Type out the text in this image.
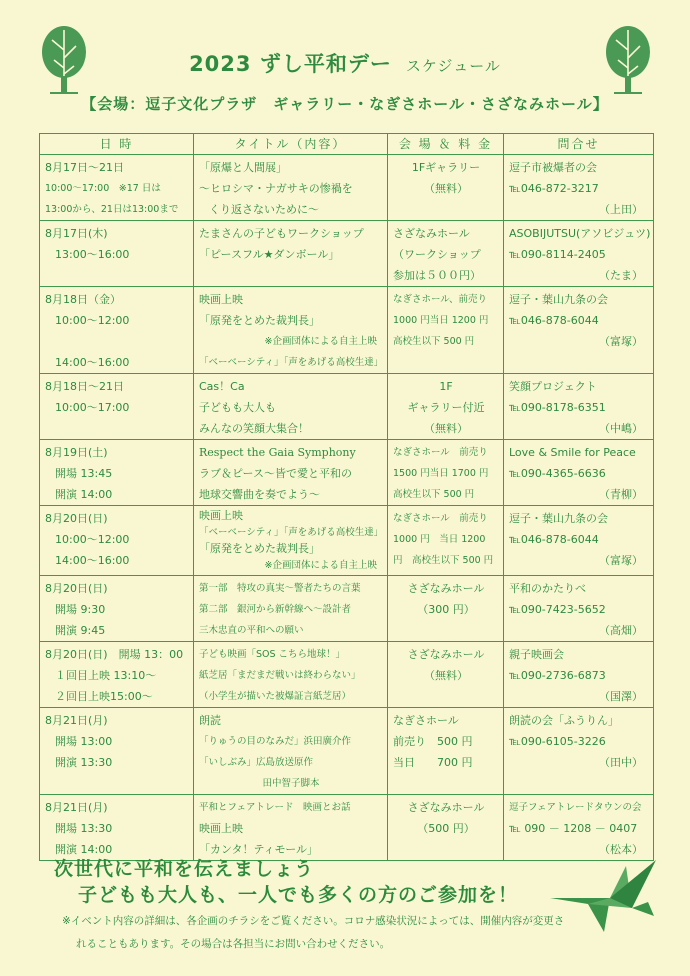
2023 ずし平和デー スケジュール
【会場：逗子文化プラザ　ギャラリー・なぎさホール・さざなみホール】
日 時	タイトル（内容）	会 場 ＆ 料 金	問合せ

8月17日～21日
10:00～17:00　※17 日は
13:00から、21日は13:00まで	「原爆と人間展」
～ヒロシマ・ナガサキの惨禍を
くり返さないために～	1Fギャラリー
（無料）	逗子市被爆者の会
℡046-872-3217
（上田）

8月17日(木)
13:00～16:00	たまさんの子どもワークショップ
「ピースフル★ダンボール」	さざなみホール
（ワークショップ
参加は５００円）	ASOBIJUTSU(アソビジュツ)
℡090-8114-2405
（たま）

8月18日（金）
10:00～12:00

14:00～16:00	映画上映
「原発をとめた裁判長」
※企画団体による自主上映
「ベーベーシティ」「声をあげる高校生達」	なぎさホール、前売り
1000 円当日 1200 円
高校生以下 500 円	逗子・葉山九条の会
℡046-878-6044
（富塚）

8月18日～21日
10:00～17:00	Cas！Ca
子どもも大人も
みんなの笑顔大集合！	1F
ギャラリー付近
（無料）	笑顔プロジェクト
℡090-8178-6351
（中嶋）

8月19日(土)
開場 13:45
開演 14:00	Respect the Gaia Symphony
ラブ＆ピース～皆で愛と平和の
地球交響曲を奏でよう～	なぎさホール　前売り
1500 円当日 1700 円
高校生以下 500 円	Love & Smile for Peace
℡090-4365-6636
（青柳）

8月20日(日)
10:00～12:00
14:00～16:00	映画上映
「ベーベーシティ」「声をあげる高校生達」
「原発をとめた裁判長」
※企画団体による自主上映	なぎさホール　前売り
1000 円　当日 1200
円　高校生以下 500 円	逗子・葉山九条の会
℡046-878-6044
（富塚）

8月20日(日)
開場 9:30
開演 9:45	第一部　特攻の真実～警者たちの言葉
第二部　銀河から新幹線へ～設計者
三木忠直の平和への願い	さざなみホール
（300 円）	平和のかたりべ
℡090-7423-5652
（高畑）

8月20日(日)　開場 13：00
１回目上映 13:10～
２回目上映15:00～	子ども映画「SOS こちら地球！」
紙芝居「まだまだ戦いは終わらない」
（小学生が描いた被爆証言紙芝居）	さざなみホール
（無料）	親子映画会
℡090-2736-6873
（国澤）

8月21日(月)
開場 13:00
開演 13:30	朗読
「りゅうの目のなみだ」浜田廣介作
「いしぶみ」広島放送原作
田中智子脚本	なぎさホール
前売り　500 円
当日　　700 円	朗読の会「ふうりん」
℡090-6105-3226
（田中）

8月21日(月)
開場 13:30
開演 14:00	平和とフェアトレード　映画とお話
映画上映
「カンタ！ティモール」	さざなみホール
（500 円）	逗子フェアトレードタウンの会
℡ 090 － 1208 － 0407
（松本）
次世代に平和を伝えましょう
子どもも大人も、一人でも多くの方のご参加を！
※イベント内容の詳細は、各企画のチラシをご覧ください。コロナ感染状況によっては、開催内容が変更さ
れることもあります。その場合は各担当にお問い合わせください。
